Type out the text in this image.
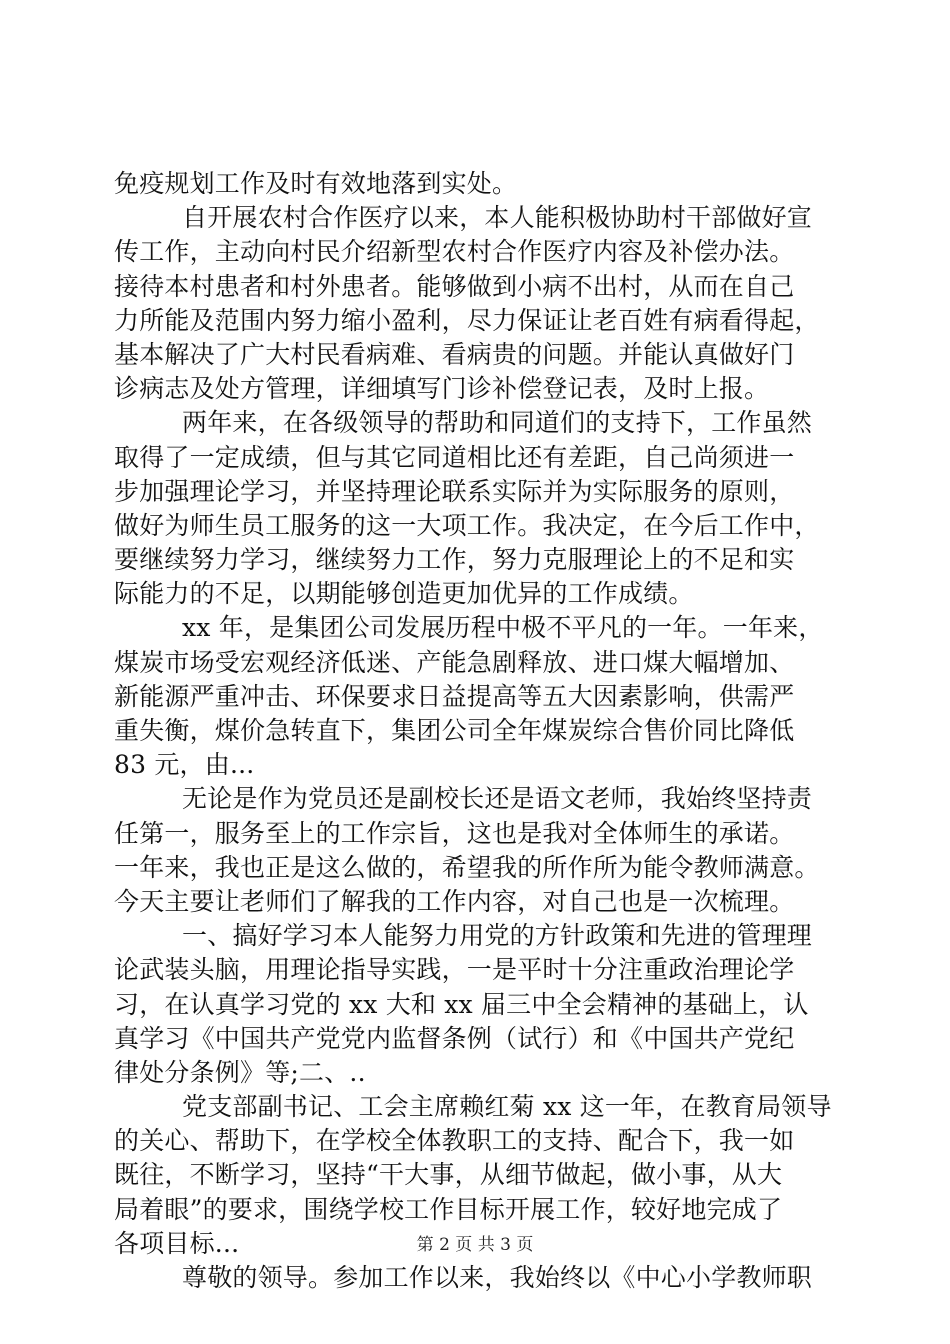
免疫规划工作及时有效地落到实处。
自开展农村合作医疗以来，本人能积极协助村干部做好宣
传工作，主动向村民介绍新型农村合作医疗内容及补偿办法。
接待本村患者和村外患者。能够做到小病不出村，从而在自己
力所能及范围内努力缩小盈利，尽力保证让老百姓有病看得起，
基本解决了广大村民看病难、看病贵的问题。并能认真做好门
诊病志及处方管理，详细填写门诊补偿登记表，及时上报。
两年来，在各级领导的帮助和同道们的支持下，工作虽然
取得了一定成绩，但与其它同道相比还有差距，自己尚须进一
步加强理论学习，并坚持理论联系实际并为实际服务的原则，
做好为师生员工服务的这一大项工作。我决定，在今后工作中，
要继续努力学习，继续努力工作，努力克服理论上的不足和实
际能力的不足，以期能够创造更加优异的工作成绩。
xx 年，是集团公司发展历程中极不平凡的一年。一年来，
煤炭市场受宏观经济低迷、产能急剧释放、进口煤大幅增加、
新能源严重冲击、环保要求日益提高等五大因素影响，供需严
重失衡，煤价急转直下，集团公司全年煤炭综合售价同比降低
83 元，由...
无论是作为党员还是副校长还是语文老师，我始终坚持责
任第一，服务至上的工作宗旨，这也是我对全体师生的承诺。
一年来，我也正是这么做的，希望我的所作所为能令教师满意。
今天主要让老师们了解我的工作内容，对自己也是一次梳理。
一、搞好学习本人能努力用党的方针政策和先进的管理理
论武装头脑，用理论指导实践，一是平时十分注重政治理论学
习，在认真学习党的 xx 大和 xx 届三中全会精神的基础上，认
真学习《中国共产党党内监督条例（试行）和《中国共产党纪
律处分条例》等;二、..
党支部副书记、工会主席赖红菊 xx 这一年，在教育局领导
的关心、帮助下，在学校全体教职工的支持、配合下，我一如
既往，不断学习，坚持“干大事，从细节做起，做小事，从大
局着眼”的要求，围绕学校工作目标开展工作，较好地完成了
各项目标...
尊敬的领导。参加工作以来，我始终以《中心小学教师职
第 2 页 共 3 页
